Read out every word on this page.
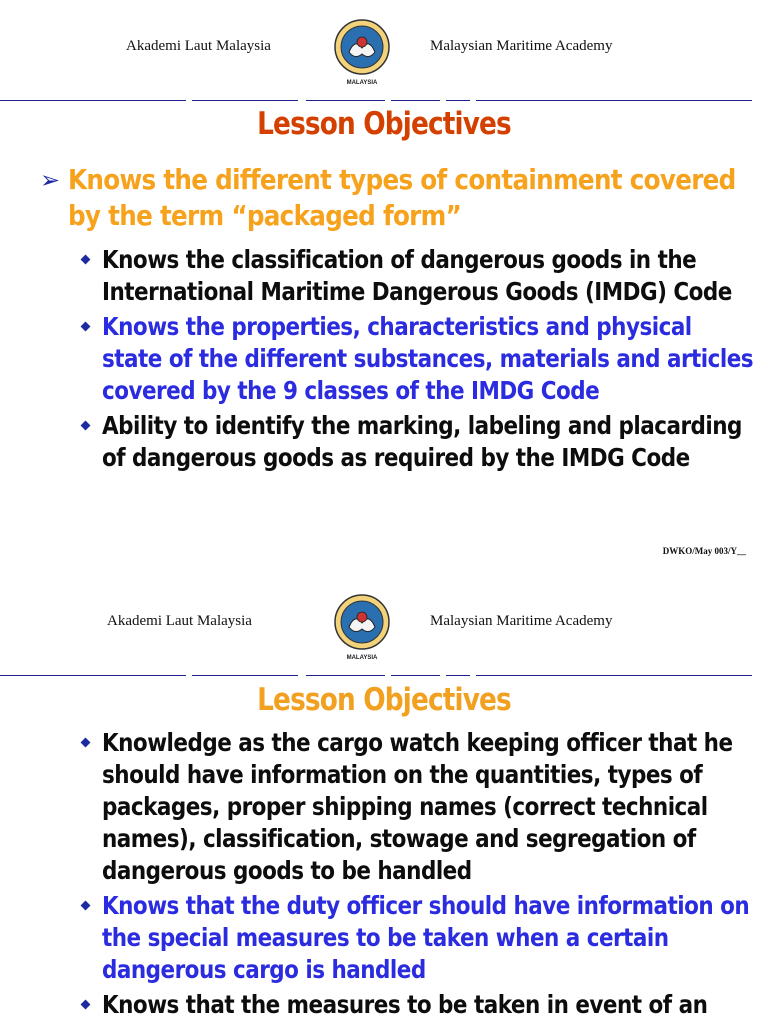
Akademi Laut Malaysia
MALAYSIA
Malaysian Maritime Academy
Lesson Objectives
➢ Knows the different types of containment covered by the term “packaged form”
Knows the classification of dangerous goods in the International Maritime Dangerous Goods (IMDG) Code
Knows the properties, characteristics and physical state of the different substances, materials and articles covered by the 9 classes of the IMDG Code
Ability to identify the marking, labeling and placarding of dangerous goods as required by the IMDG Code
DWKO/May 003/Y__
Akademi Laut Malaysia
MALAYSIA
Malaysian Maritime Academy
Lesson Objectives
Knowledge as the cargo watch keeping officer that he should have information on the quantities, types of packages, proper shipping names (correct technical names), classification, stowage and segregation of dangerous goods to be handled
Knows that the duty officer should have information on the special measures to be taken when a certain dangerous cargo is handled
Knows that the measures to be taken in event of an
